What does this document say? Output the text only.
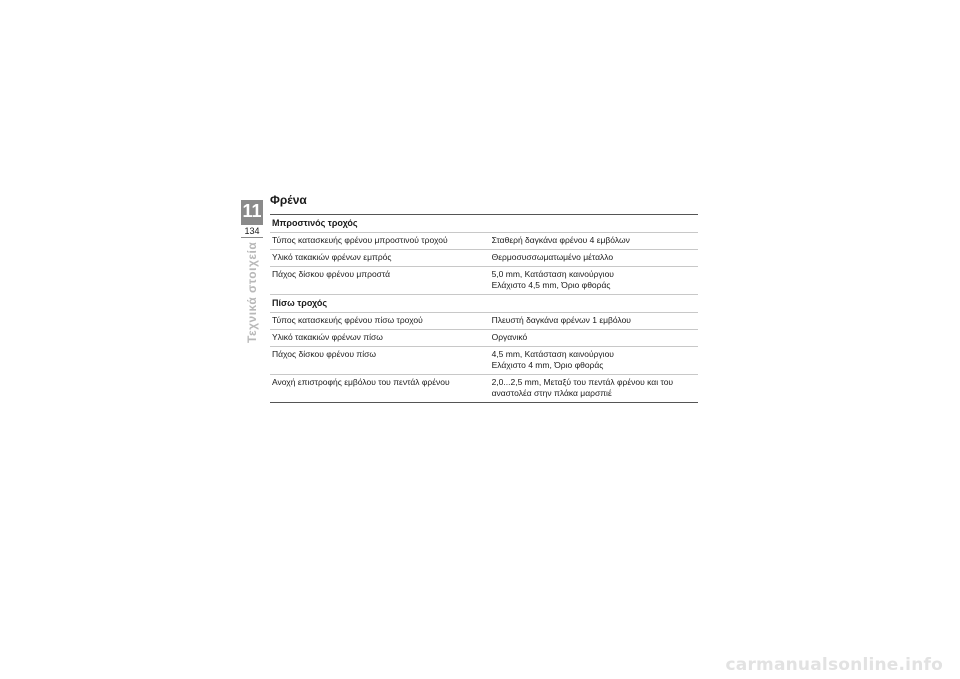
11
134
Τεχνικά στοιχεία
Φρένα
Μπροστινός τροχός	
Τύπος κατασκευής φρένου μπροστινού τροχού	Σταθερή δαγκάνα φρένου 4 εμβόλων

Υλικό τακακιών φρένων εμπρός	Θερμοσυσσωματωμένο μέταλλο

Πάχος δίσκου φρένου μπροστά	5,0 mm, Κατάσταση καινούργιου
Ελάχιστο 4,5 mm, Όριο φθοράς

Πίσω τροχός	
Τύπος κατασκευής φρένου πίσω τροχού	Πλευστή δαγκάνα φρένων 1 εμβόλου

Υλικό τακακιών φρένων πίσω	Οργανικό

Πάχος δίσκου φρένου πίσω	4,5 mm, Κατάσταση καινούργιου
Ελάχιστο 4 mm, Όριο φθοράς

Ανοχή επιστροφής εμβόλου του πεντάλ φρένου	2,0...2,5 mm, Μεταξύ του πεντάλ φρένου και του
αναστολέα στην πλάκα μαρσπιέ
carmanualsonline.info
